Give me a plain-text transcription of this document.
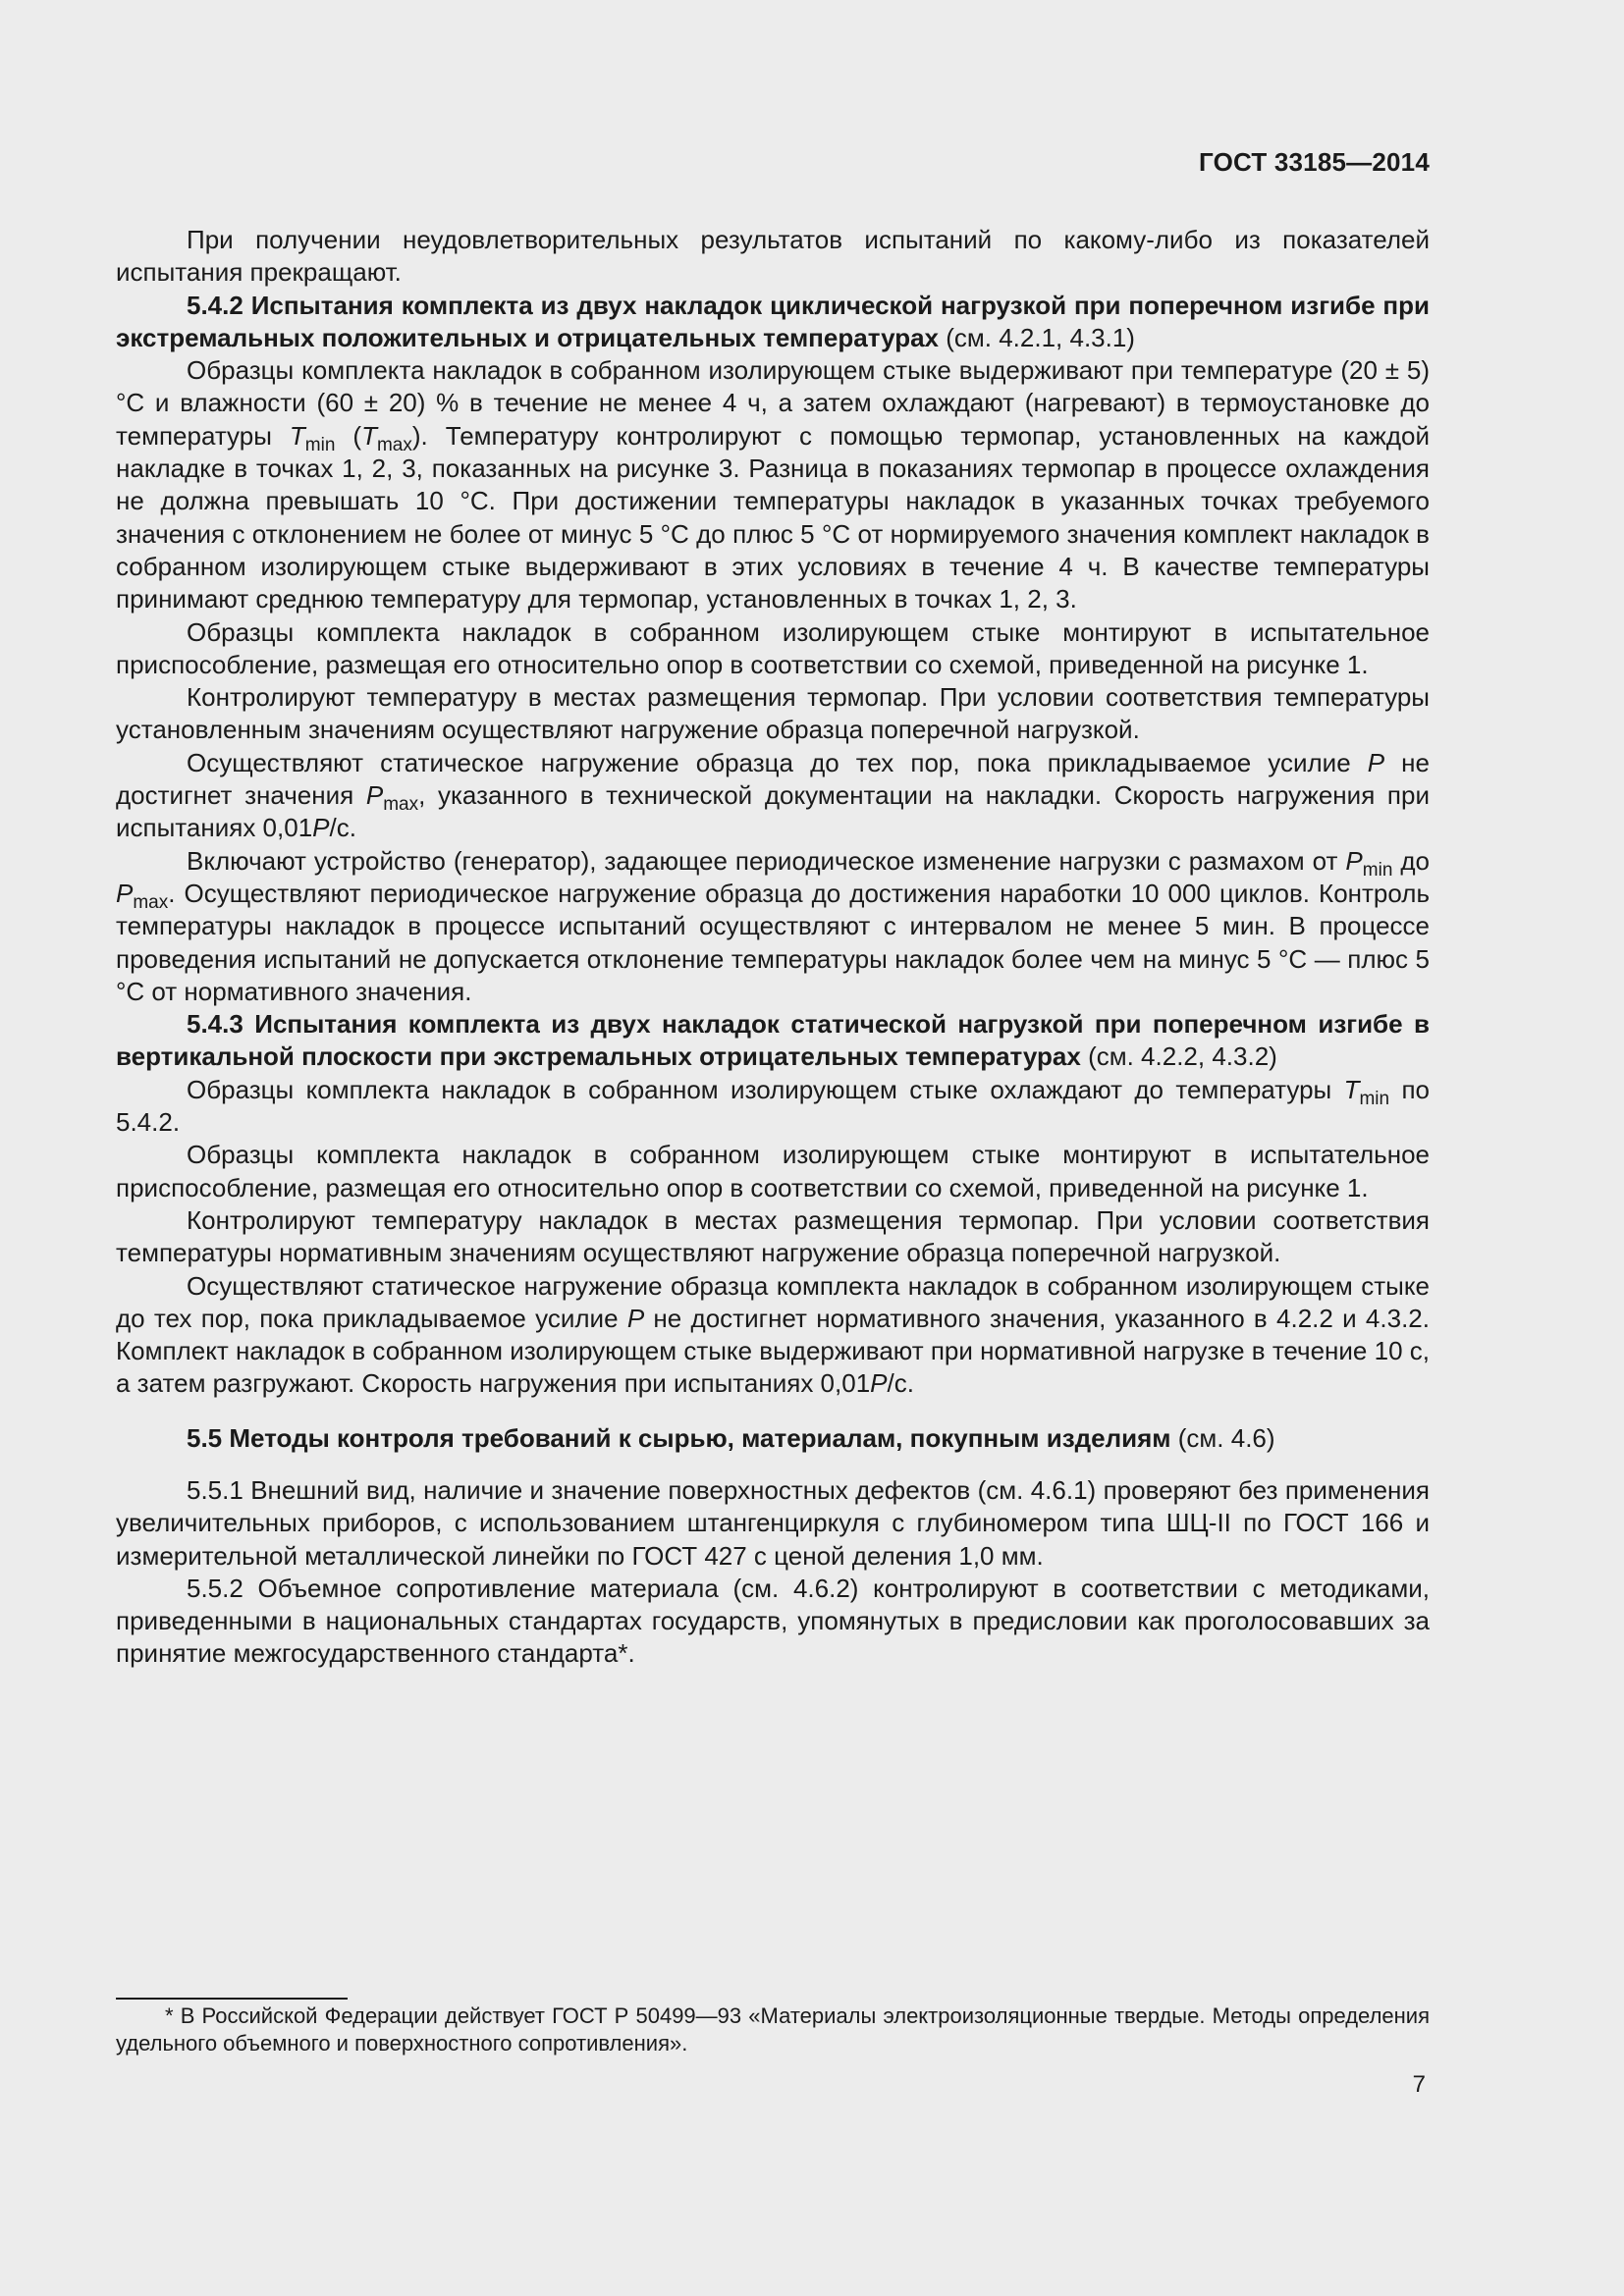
ГОСТ 33185—2014

При получении неудовлетворительных результатов испытаний по какому-либо из показателей испытания прекращают.

5.4.2 Испытания комплекта из двух накладок циклической нагрузкой при поперечном изгибе при экстремальных положительных и отрицательных температурах (см. 4.2.1, 4.3.1)

Образцы комплекта накладок в собранном изолирующем стыке выдерживают при температуре (20 ± 5) °С и влажности (60 ± 20) % в течение не менее 4 ч, а затем охлаждают (нагревают) в термоустановке до температуры $T_{min}$ $(T_{max})$. Температуру контролируют с помощью термопар, установленных на каждой накладке в точках 1, 2, 3, показанных на рисунке 3. Разница в показаниях термопар в процессе охлаждения не должна превышать 10 °С. При достижении температуры накладок в указанных точках требуемого значения с отклонением не более от минус 5 °С до плюс 5 °С от нормируемого значения комплект накладок в собранном изолирующем стыке выдерживают в этих условиях в течение 4 ч. В качестве температуры принимают среднюю температуру для термопар, установленных в точках 1, 2, 3.

Образцы комплекта накладок в собранном изолирующем стыке монтируют в испытательное приспособление, размещая его относительно опор в соответствии со схемой, приведенной на рисунке 1.

Контролируют температуру в местах размещения термопар. При условии соответствия температуры установленным значениям осуществляют нагружение образца поперечной нагрузкой.

Осуществляют статическое нагружение образца до тех пор, пока прикладываемое усилие P не достигнет значения $P_{max}$, указанного в технической документации на накладки. Скорость нагружения при испытаниях 0,01P/с.

Включают устройство (генератор), задающее периодическое изменение нагрузки с размахом от $P_{min}$ до $P_{max}$. Осуществляют периодическое нагружение образца до достижения наработки 10 000 циклов. Контроль температуры накладок в процессе испытаний осуществляют с интервалом не менее 5 мин. В процессе проведения испытаний не допускается отклонение температуры накладок более чем на минус 5 °С — плюс 5 °С от нормативного значения.

5.4.3 Испытания комплекта из двух накладок статической нагрузкой при поперечном изгибе в вертикальной плоскости при экстремальных отрицательных температурах (см. 4.2.2, 4.3.2)

Образцы комплекта накладок в собранном изолирующем стыке охлаждают до температуры $T_{min}$ по 5.4.2.

Образцы комплекта накладок в собранном изолирующем стыке монтируют в испытательное приспособление, размещая его относительно опор в соответствии со схемой, приведенной на рисунке 1.

Контролируют температуру накладок в местах размещения термопар. При условии соответствия температуры нормативным значениям осуществляют нагружение образца поперечной нагрузкой.

Осуществляют статическое нагружение образца комплекта накладок в собранном изолирующем стыке до тех пор, пока прикладываемое усилие P не достигнет нормативного значения, указанного в 4.2.2 и 4.3.2. Комплект накладок в собранном изолирующем стыке выдерживают при нормативной нагрузке в течение 10 с, а затем разгружают. Скорость нагружения при испытаниях 0,01P/с.

5.5 Методы контроля требований к сырью, материалам, покупным изделиям (см. 4.6)

5.5.1 Внешний вид, наличие и значение поверхностных дефектов (см. 4.6.1) проверяют без применения увеличительных приборов, с использованием штангенциркуля с глубиномером типа ШЦ-II по ГОСТ 166 и измерительной металлической линейки по ГОСТ 427 с ценой деления 1,0 мм.

5.5.2 Объемное сопротивление материала (см. 4.6.2) контролируют в соответствии с методиками, приведенными в национальных стандартах государств, упомянутых в предисловии как проголосовавших за принятие межгосударственного стандарта*.

* В Российской Федерации действует ГОСТ Р 50499—93 «Материалы электроизоляционные твердые. Методы определения удельного объемного и поверхностного сопротивления».

7
